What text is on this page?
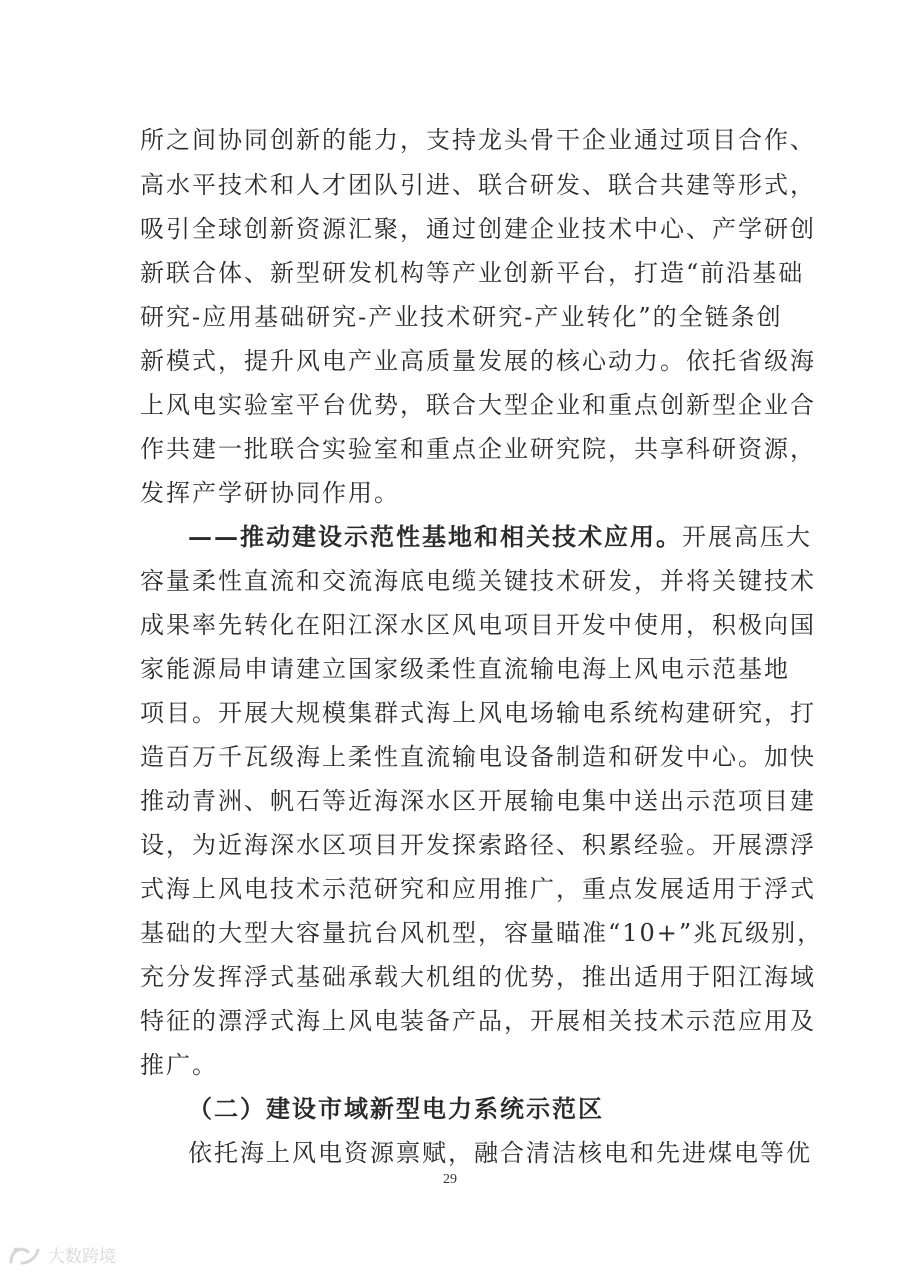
所之间协同创新的能力，支持龙头骨干企业通过项目合作、
高水平技术和人才团队引进、联合研发、联合共建等形式，
吸引全球创新资源汇聚，通过创建企业技术中心、产学研创
新联合体、新型研发机构等产业创新平台，打造“前沿基础
研究-应用基础研究-产业技术研究-产业转化”的全链条创
新模式，提升风电产业高质量发展的核心动力。依托省级海
上风电实验室平台优势，联合大型企业和重点创新型企业合
作共建一批联合实验室和重点企业研究院，共享科研资源，
发挥产学研协同作用。
——推动建设示范性基地和相关技术应用。开展高压大
容量柔性直流和交流海底电缆关键技术研发，并将关键技术
成果率先转化在阳江深水区风电项目开发中使用，积极向国
家能源局申请建立国家级柔性直流输电海上风电示范基地
项目。开展大规模集群式海上风电场输电系统构建研究，打
造百万千瓦级海上柔性直流输电设备制造和研发中心。加快
推动青洲、帆石等近海深水区开展输电集中送出示范项目建
设，为近海深水区项目开发探索路径、积累经验。开展漂浮
式海上风电技术示范研究和应用推广，重点发展适用于浮式
基础的大型大容量抗台风机型，容量瞄准“10+”兆瓦级别，
充分发挥浮式基础承载大机组的优势，推出适用于阳江海域
特征的漂浮式海上风电装备产品，开展相关技术示范应用及
推广。
（二）建设市域新型电力系统示范区
依托海上风电资源禀赋，融合清洁核电和先进煤电等优
29
大数跨境
